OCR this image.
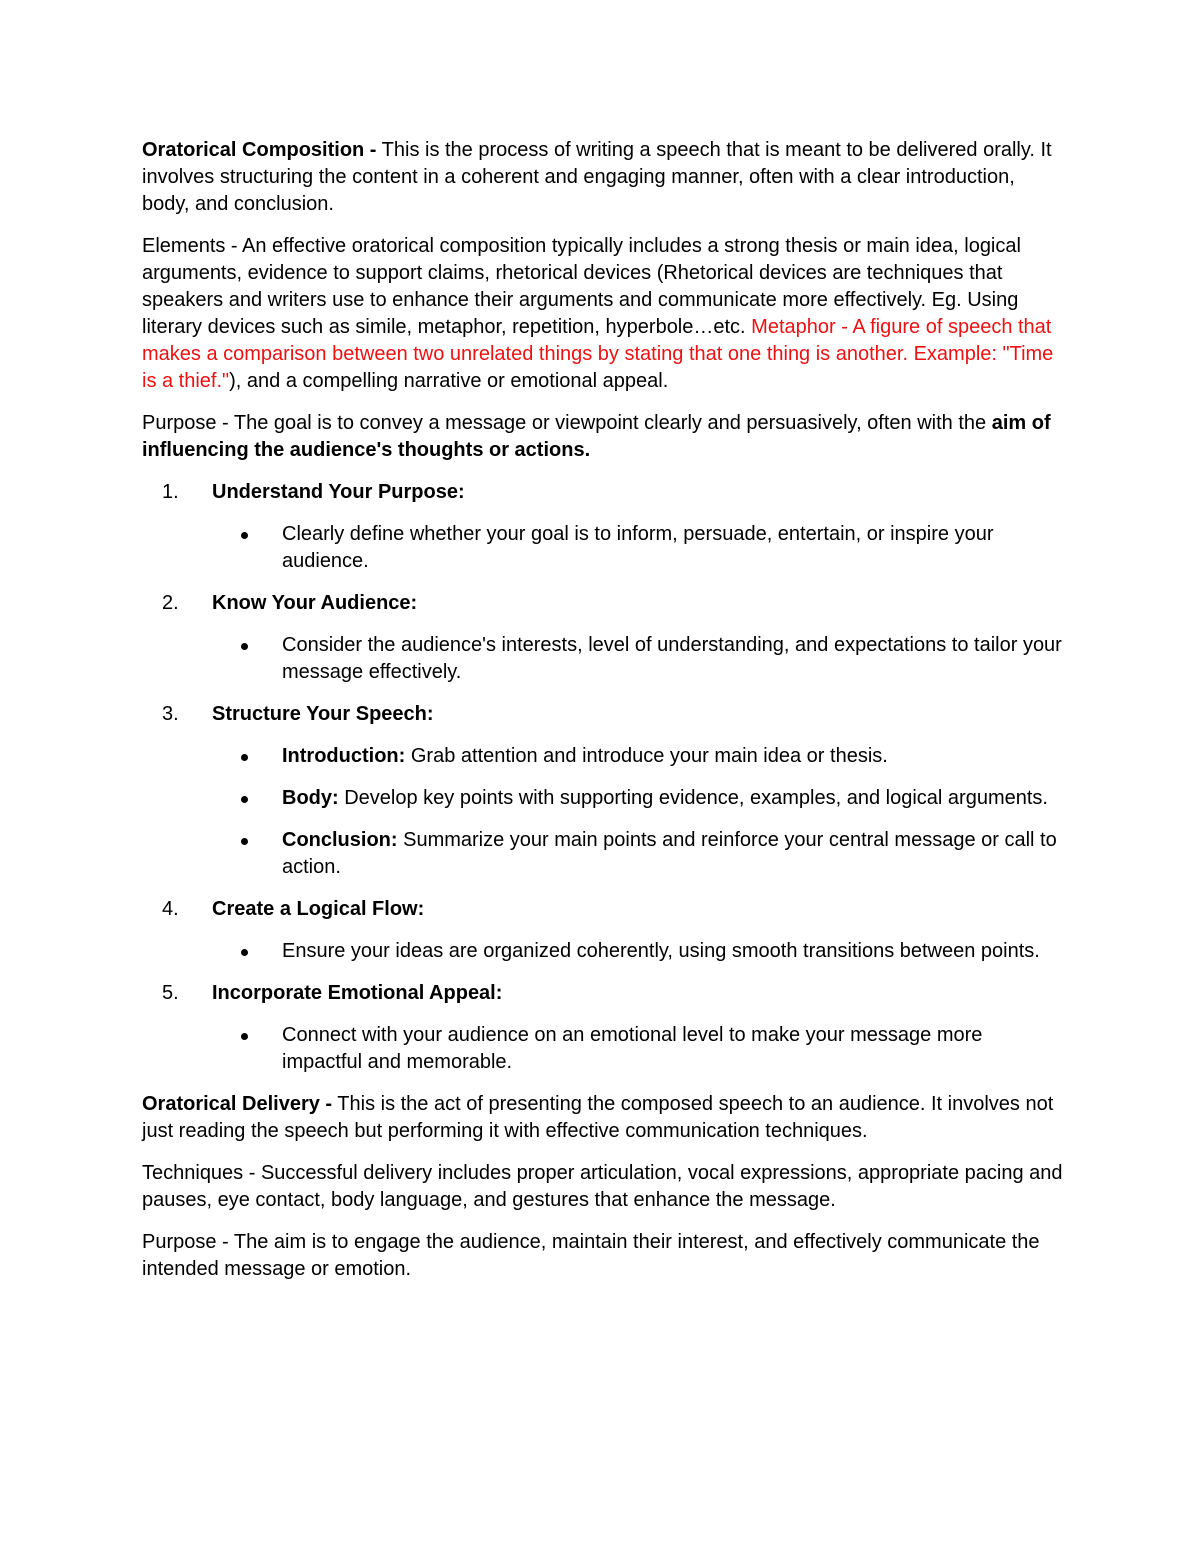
Oratorical Composition - This is the process of writing a speech that is meant to be delivered orally. It involves structuring the content in a coherent and engaging manner, often with a clear introduction, body, and conclusion.

Elements - An effective oratorical composition typically includes a strong thesis or main idea, logical arguments, evidence to support claims, rhetorical devices (Rhetorical devices are techniques that speakers and writers use to enhance their arguments and communicate more effectively. Eg. Using literary devices such as simile, metaphor, repetition, hyperbole…etc. Metaphor - A figure of speech that makes a comparison between two unrelated things by stating that one thing is another. Example: "Time is a thief."), and a compelling narrative or emotional appeal.

Purpose - The goal is to convey a message or viewpoint clearly and persuasively, often with the aim of influencing the audience's thoughts or actions.

1. Understand Your Purpose:
Clearly define whether your goal is to inform, persuade, entertain, or inspire your audience.
2. Know Your Audience:
Consider the audience's interests, level of understanding, and expectations to tailor your message effectively.
3. Structure Your Speech:
Introduction: Grab attention and introduce your main idea or thesis.
Body: Develop key points with supporting evidence, examples, and logical arguments.
Conclusion: Summarize your main points and reinforce your central message or call to action.
4. Create a Logical Flow:
Ensure your ideas are organized coherently, using smooth transitions between points.
5. Incorporate Emotional Appeal:
Connect with your audience on an emotional level to make your message more impactful and memorable.

Oratorical Delivery - This is the act of presenting the composed speech to an audience. It involves not just reading the speech but performing it with effective communication techniques.

Techniques - Successful delivery includes proper articulation, vocal expressions, appropriate pacing and pauses, eye contact, body language, and gestures that enhance the message.

Purpose - The aim is to engage the audience, maintain their interest, and effectively communicate the intended message or emotion.
